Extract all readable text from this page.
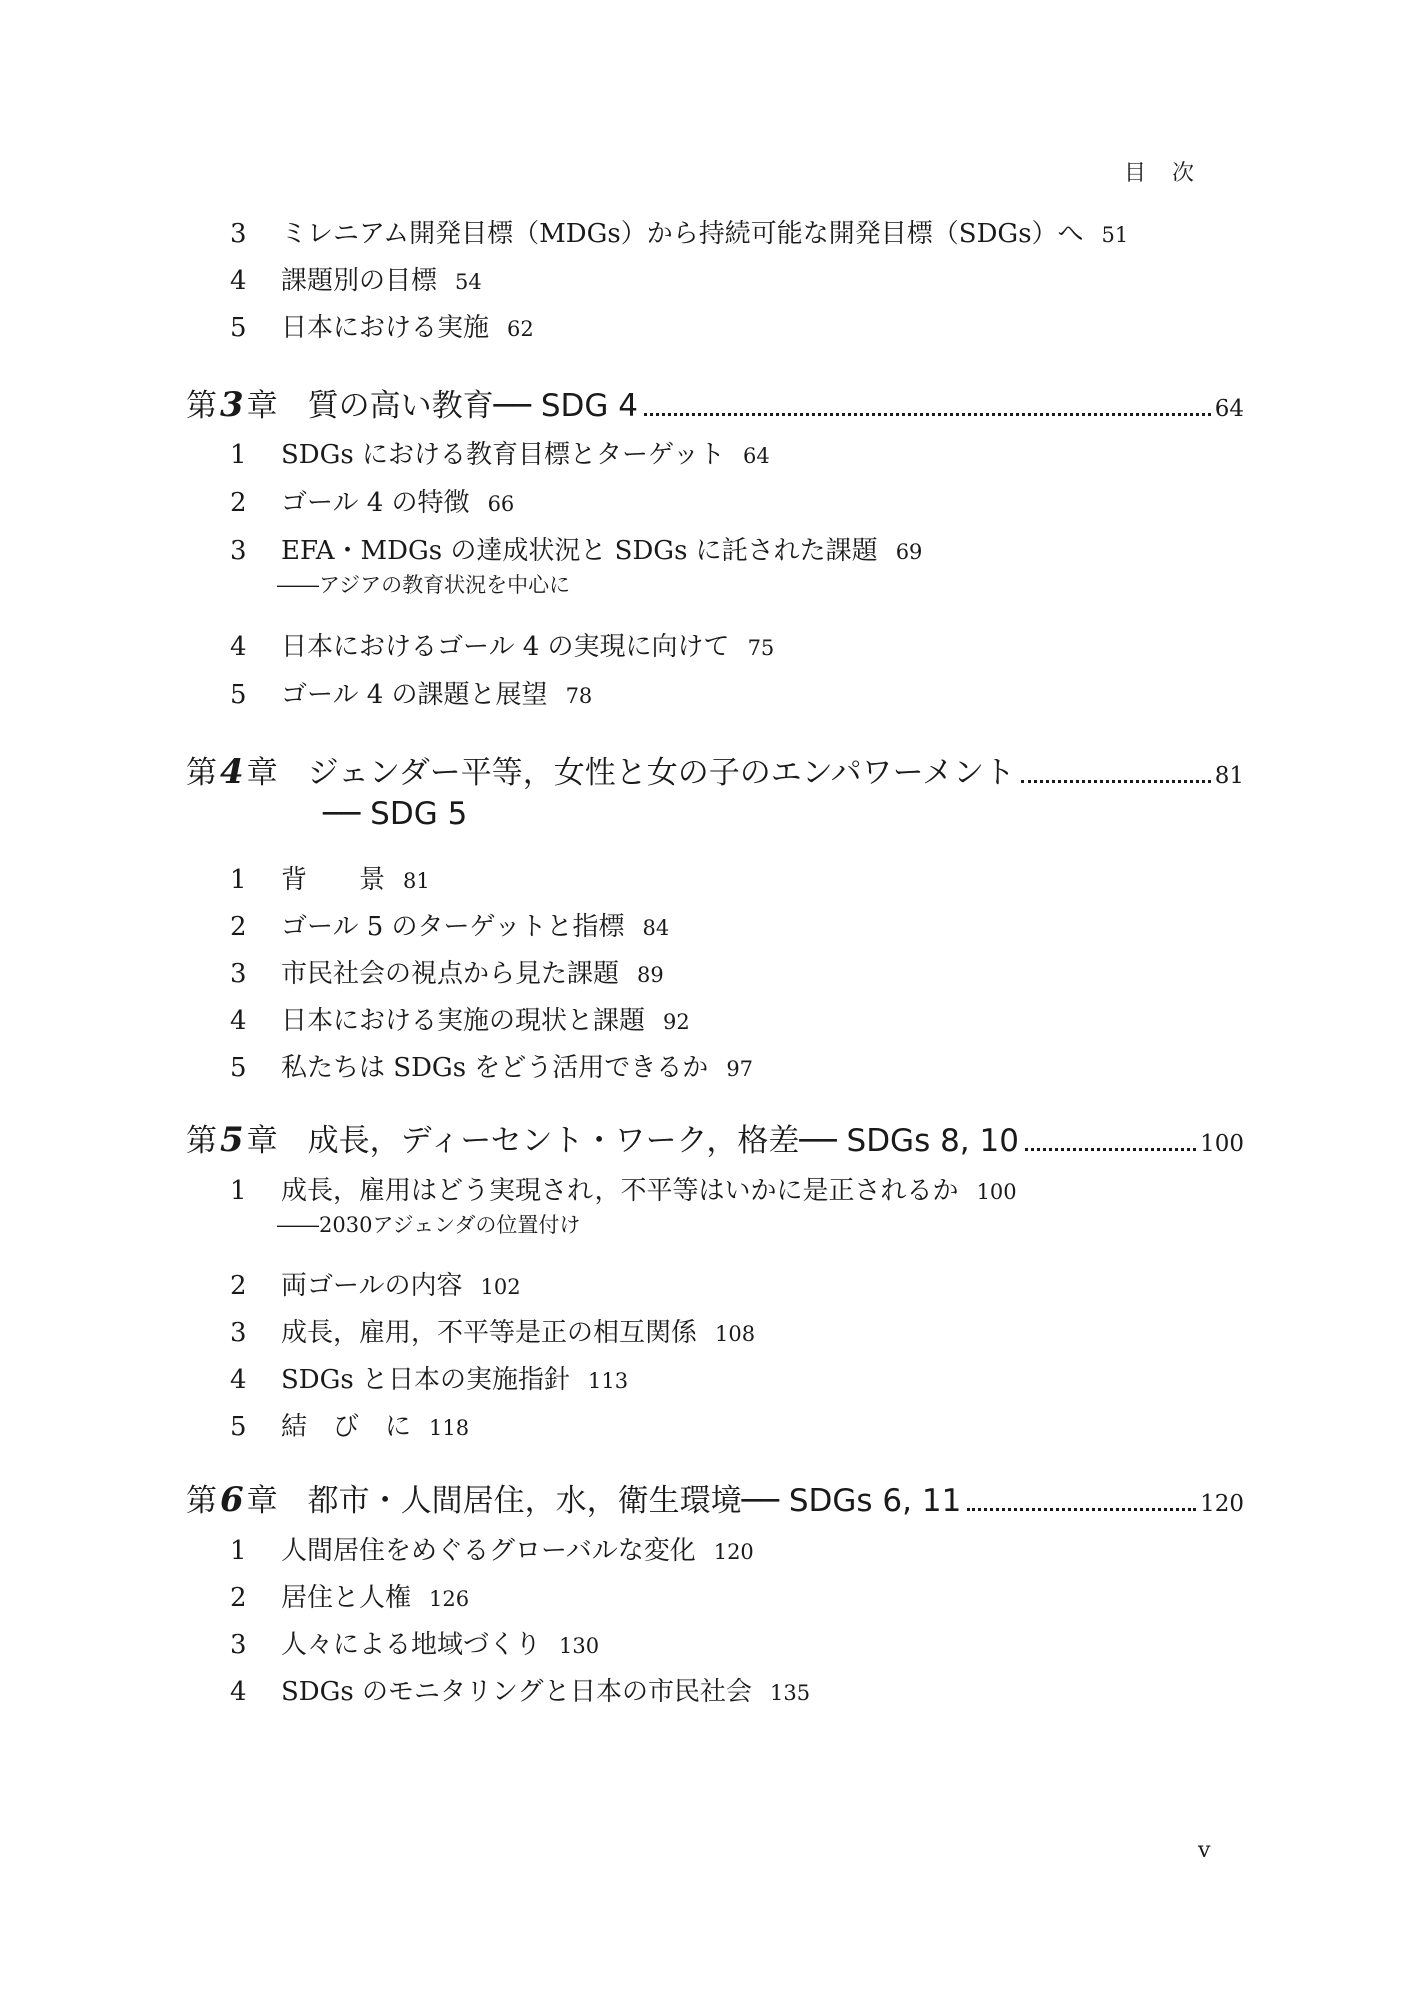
目次
3 ミレニアム開発目標（MDGs）から持続可能な開発目標（SDGs）へ 51
4 課題別の目標 54
5 日本における実施 62
第3章 質の高い教育── SDG 4	64
1 SDGs における教育目標とターゲット 64
2 ゴール 4 の特徴 66
3 EFA・MDGs の達成状況と SDGs に託された課題 69
――アジアの教育状況を中心に
4 日本におけるゴール 4 の実現に向けて 75
5 ゴール 4 の課題と展望 78
第4章 ジェンダー平等，女性と女の子のエンパワーメント	81
── SDG 5
1 背　　景 81
2 ゴール 5 のターゲットと指標 84
3 市民社会の視点から見た課題 89
4 日本における実施の現状と課題 92
5 私たちは SDGs をどう活用できるか 97
第5章 成長，ディーセント・ワーク，格差── SDGs 8, 10	100
1 成長，雇用はどう実現され，不平等はいかに是正されるか 100
――2030アジェンダの位置付け
2 両ゴールの内容 102
3 成長，雇用，不平等是正の相互関係 108
4 SDGs と日本の実施指針 113
5 結　び　に 118
第6章 都市・人間居住，水，衛生環境── SDGs 6, 11	120
1 人間居住をめぐるグローバルな変化 120
2 居住と人権 126
3 人々による地域づくり 130
4 SDGs のモニタリングと日本の市民社会 135
v
